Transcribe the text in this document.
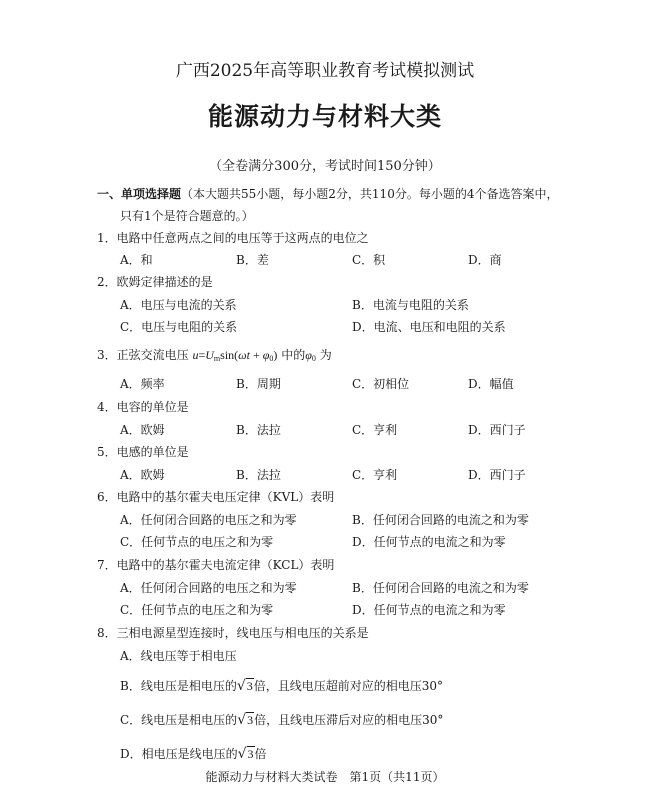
广西2025年高等职业教育考试模拟测试
能源动力与材料大类
（全卷满分300分，考试时间150分钟）
一、单项选择题（本大题共55小题，每小题2分，共110分。每小题的4个备选答案中，
只有1个是符合题意的。）
1．电路中任意两点之间的电压等于这两点的电位之
A．和	B．差	C．积	D．商
2．欧姆定律描述的是
A．电压与电流的关系	B．电流与电阻的关系
C．电压与电阻的关系	D．电流、电压和电阻的关系
3．正弦交流电压 $u=U_m\sin(\omega t + \varphi_0)$ 中的$\varphi_0$ 为
A．频率	B．周期	C．初相位	D．幅值
4．电容的单位是
A．欧姆	B．法拉	C．亨利	D．西门子
5．电感的单位是
A．欧姆	B．法拉	C．亨利	D．西门子
6．电路中的基尔霍夫电压定律（KVL）表明
A．任何闭合回路的电压之和为零	B．任何闭合回路的电流之和为零
C．任何节点的电压之和为零	D．任何节点的电流之和为零
7．电路中的基尔霍夫电流定律（KCL）表明
A．任何闭合回路的电压之和为零	B．任何闭合回路的电流之和为零
C．任何节点的电压之和为零	D．任何节点的电流之和为零
8．三相电源星型连接时，线电压与相电压的关系是
A．线电压等于相电压
B．线电压是相电压的√3倍，且线电压超前对应的相电压30°
C．线电压是相电压的√3倍，且线电压滞后对应的相电压30°
D．相电压是线电压的√3倍
能源动力与材料大类试卷　第1页（共11页）
